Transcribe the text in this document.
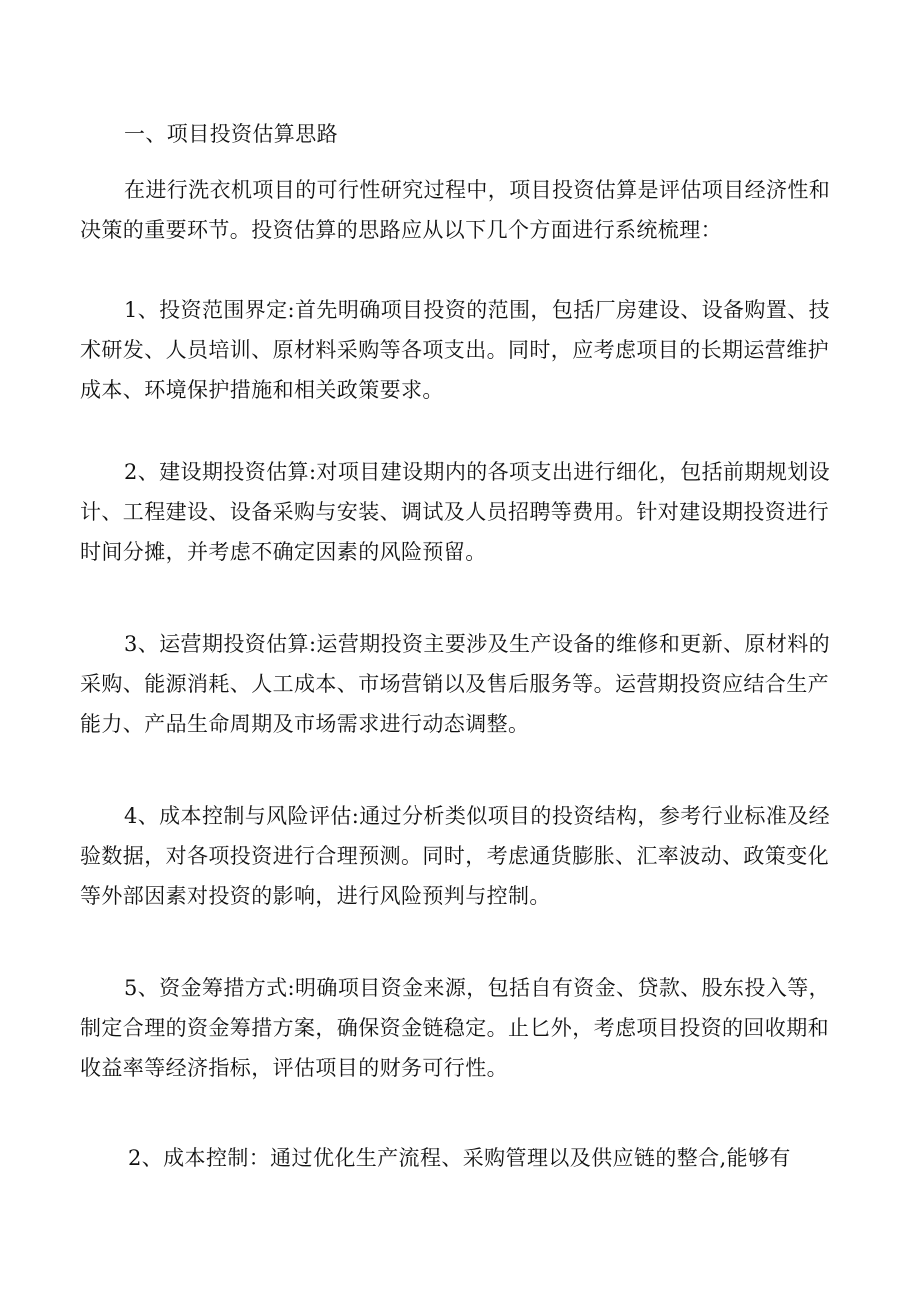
一、项目投资估算思路
在进行洗衣机项目的可行性研究过程中，项目投资估算是评估项目经济性和决策的重要环节。投资估算的思路应从以下几个方面进行系统梳理：
1、投资范围界定:首先明确项目投资的范围，包括厂房建设、设备购置、技术研发、人员培训、原材料采购等各项支出。同时，应考虑项目的长期运营维护成本、环境保护措施和相关政策要求。
2、建设期投资估算:对项目建设期内的各项支出进行细化，包括前期规划设计、工程建设、设备采购与安装、调试及人员招聘等费用。针对建设期投资进行时间分摊，并考虑不确定因素的风险预留。
3、运营期投资估算:运营期投资主要涉及生产设备的维修和更新、原材料的采购、能源消耗、人工成本、市场营销以及售后服务等。运营期投资应结合生产能力、产品生命周期及市场需求进行动态调整。
4、成本控制与风险评估:通过分析类似项目的投资结构，参考行业标准及经验数据，对各项投资进行合理预测。同时，考虑通货膨胀、汇率波动、政策变化等外部因素对投资的影响，进行风险预判与控制。
5、资金筹措方式:明确项目资金来源，包括自有资金、贷款、股东投入等，制定合理的资金筹措方案，确保资金链稳定。止匕外，考虑项目投资的回收期和收益率等经济指标，评估项目的财务可行性。
2、成本控制：通过优化生产流程、采购管理以及供应链的整合,能够有
